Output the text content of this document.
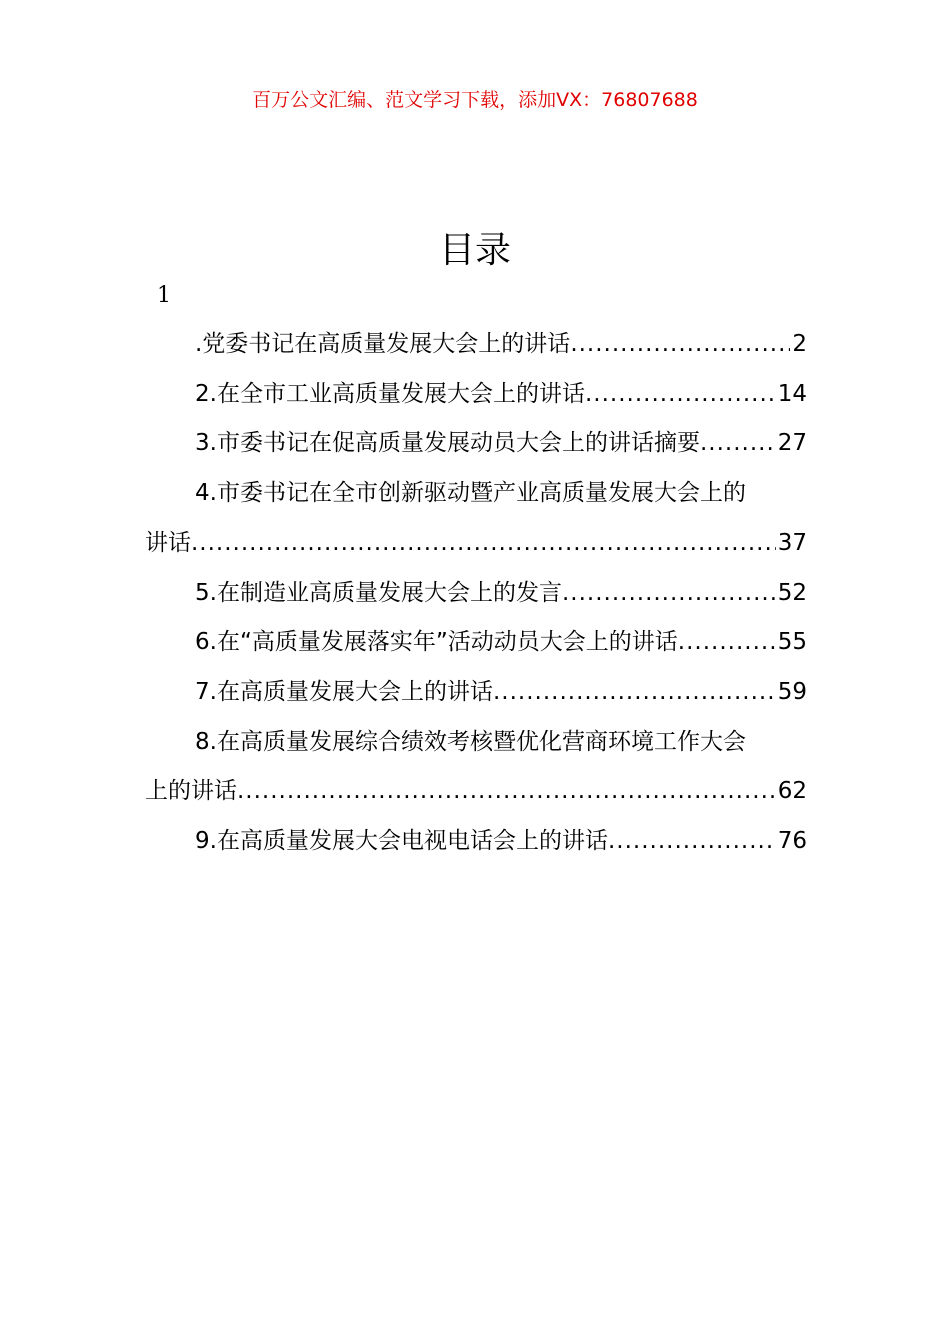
百万公文汇编、范文学习下载，添加VX：76807688
目录
1
.党委书记在高质量发展大会上的讲话 .....	2
2.在全市工业高质量发展大会上的讲话 .....	14
3.市委书记在促高质量发展动员大会上的讲话摘要 .....	27
4.市委书记在全市创新驱动暨产业高质量发展大会上的
讲话 .....	37
5.在制造业高质量发展大会上的发言 .....	52
6.在“高质量发展落实年”活动动员大会上的讲话 .....	55
7.在高质量发展大会上的讲话 .....	59
8.在高质量发展综合绩效考核暨优化营商环境工作大会
上的讲话 .....	62
9.在高质量发展大会电视电话会上的讲话 .....	76
